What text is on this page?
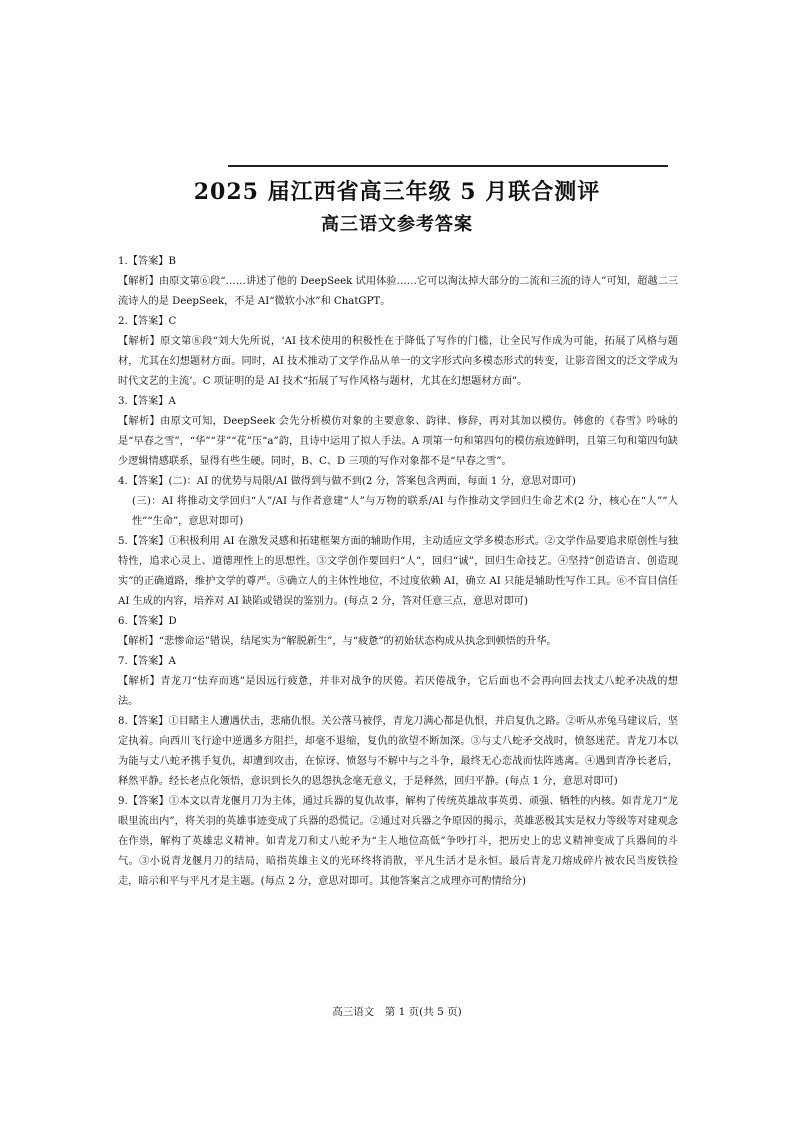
2025 届江西省高三年级 5 月联合测评
高三语文参考答案

1.【答案】B

【解析】由原文第⑥段“……讲述了他的 DeepSeek 试用体验……它可以淘汰掉大部分的二流和三流的诗人”可知，超越二三流诗人的是 DeepSeek，不是 AI“微软小冰”和 ChatGPT。

2.【答案】C

【解析】原文第⑧段“刘大先所说，‘AI 技术使用的积极性在于降低了写作的门槛，让全民写作成为可能，拓展了风格与题材，尤其在幻想题材方面。同时，AI 技术推动了文学作品从单一的文字形式向多模态形式的转变，让影音图文的泛文学成为时代文艺的主流’。C 项证明的是 AI 技术“拓展了写作风格与题材，尤其在幻想题材方面”。

3.【答案】A

【解析】由原文可知，DeepSeek 会先分析模仿对象的主要意象、韵律、修辞，再对其加以模仿。韩愈的《春雪》吟咏的是“早春之雪”，“华”“芽”“花”压“a”韵，且诗中运用了拟人手法。A 项第一句和第四句的模仿痕迹鲜明，且第三句和第四句缺少逻辑情感联系，显得有些生硬。同时，B、C、D 三项的写作对象都不是“早春之雪”。

4.【答案】(二)：AI 的优势与局限/AI 做得到与做不到(2 分，答案包含两面，每面 1 分，意思对即可)

(三)：AI 将推动文学回归“人”/AI 与作者意建“人”与万物的联系/AI 与作推动文学回归生命艺术(2 分，核心在“人”“人性”“生命”，意思对即可)

5.【答案】①积极利用 AI 在激发灵感和拓建框架方面的辅助作用，主动适应文学多模态形式。②文学作品要追求原创性与独特性，追求心灵上、道德理性上的思想性。③文学创作要回归“人”，回归“诚”，回归生命技艺。④坚持“创造语言、创造现实”的正确道路，维护文学的尊严。⑤确立人的主体性地位，不过度依赖 AI，确立 AI 只能是辅助性写作工具。⑥不盲目信任 AI 生成的内容，培养对 AI 缺陷或错误的鉴别力。(每点 2 分，答对任意三点，意思对即可)

6.【答案】D

【解析】“悲惨命运”错误，结尾实为“解脱新生”，与“疲惫”的初始状态构成从执念到顿悟的升华。

7.【答案】A

【解析】青龙刀“怯弃而逃”是因远行疲惫，并非对战争的厌倦。若厌倦战争，它后面也不会再向回去找丈八蛇矛决战的想法。

8.【答案】①目睹主人遭遇伏击，悲痛仇恨。关公落马被俘，青龙刀满心都是仇恨，并启复仇之路。②听从赤兔马建议后，坚定执着。向西川飞行途中逆遇多方阻拦，却毫不退缩，复仇的欲望不断加深。③与丈八蛇矛交战时，愤怒迷茫。青龙刀本以为能与丈八蛇矛携手复仇，却遭到攻击，在惊讶、愤怒与不解中与之斗争，最终无心恋战而怯阵逃离。④遇到青净长老后，释然平静。经长老点化领悟，意识到长久的恩怨执念毫无意义，于是释然，回归平静。(每点 1 分，意思对即可)

9.【答案】①本文以青龙偃月刀为主体，通过兵器的复仇故事，解构了传统英雄故事英勇、顽强、牺牲的内核。如青龙刀“龙眼里流出内”，将关羽的英雄事迹变成了兵器的恐慌记。②通过对兵器之争原因的揭示，英雄恶极其实是权力等级等对建观念在作祟，解构了英雄忠义精神。如青龙刀和丈八蛇矛为“主人地位高低”争吵打斗，把历史上的忠义精神变成了兵器间的斗气。③小说青龙偃月刀的结局，暗指英雄主义的光环终将消散，平凡生活才是永恒。最后青龙刀熔成碎片被农民当废铁捡走，暗示和平与平凡才是主题。(每点 2 分，意思对即可。其他答案言之成理亦可酌情给分)

高三语文　第 1 页(共 5 页)
